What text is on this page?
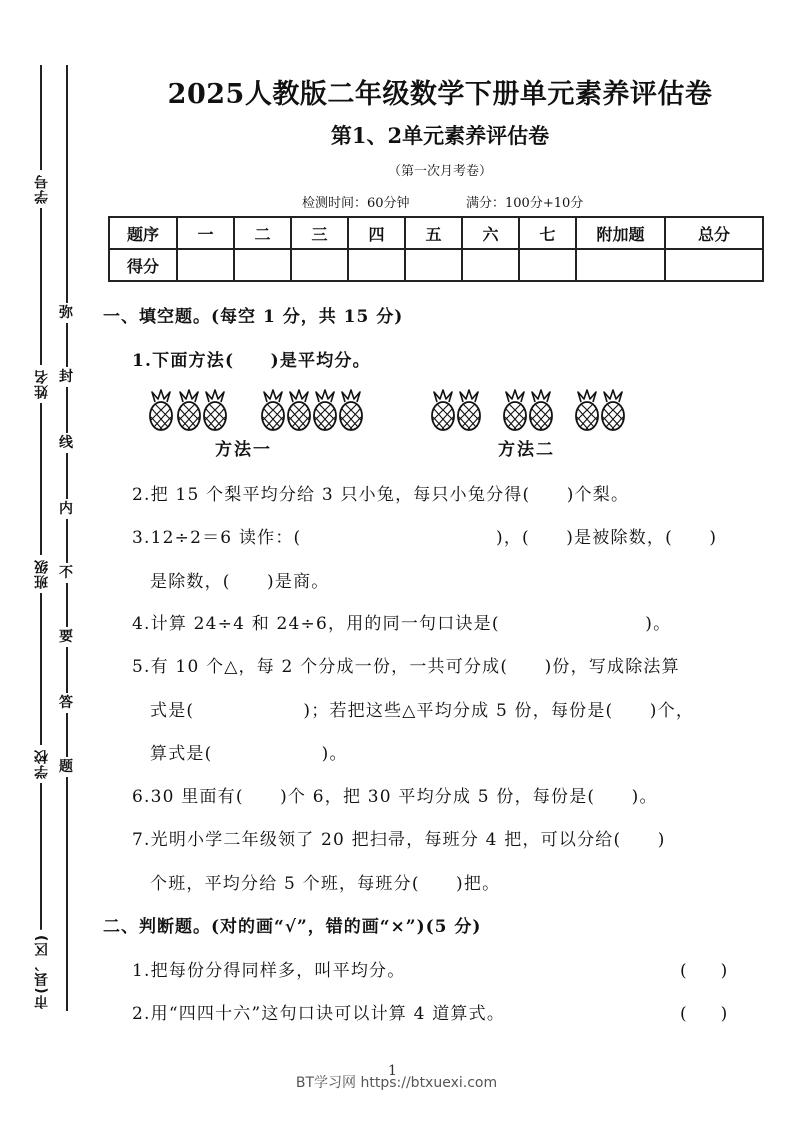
学号
姓名
班级
学校
市(县、区)
弥
封
线
内
不
要
答
题
2025人教版二年级数学下册单元素养评估卷
第1、2单元素养评估卷
（第一次月考卷）
检测时间：60分钟	满分：100分+10分
题序	一	二	三	四	五	六	七	附加题	总分
得分									
一、填空题。(每空 1 分，共 15 分)
1.下面方法(　　)是平均分。
方法一	方法二
2.把 15 个梨平均分给 3 只小兔，每只小兔分得(　　)个梨。
3.12÷2＝6 读作：(	)，(　　)是被除数，(　　)
是除数，(　　)是商。
4.计算 24÷4 和 24÷6，用的同一句口诀是(　　　　　　　　)。
5.有 10 个△，每 2 个分成一份，一共可分成(　　)份，写成除法算
式是(　　　　　　)；若把这些△平均分成 5 份，每份是(　　)个，
算式是(　　　　　　)。
6.30 里面有(　　)个 6，把 30 平均分成 5 份，每份是(　　)。
7.光明小学二年级领了 20 把扫帚，每班分 4 把，可以分给(　　)
个班，平均分给 5 个班，每班分(　　)把。
二、判断题。(对的画“√”，错的画“×”)(5 分)
1.把每份分得同样多，叫平均分。	(　　)
2.用“四四十六”这句口诀可以计算 4 道算式。	(　　)
1
BT学习网 https://btxuexi.com
